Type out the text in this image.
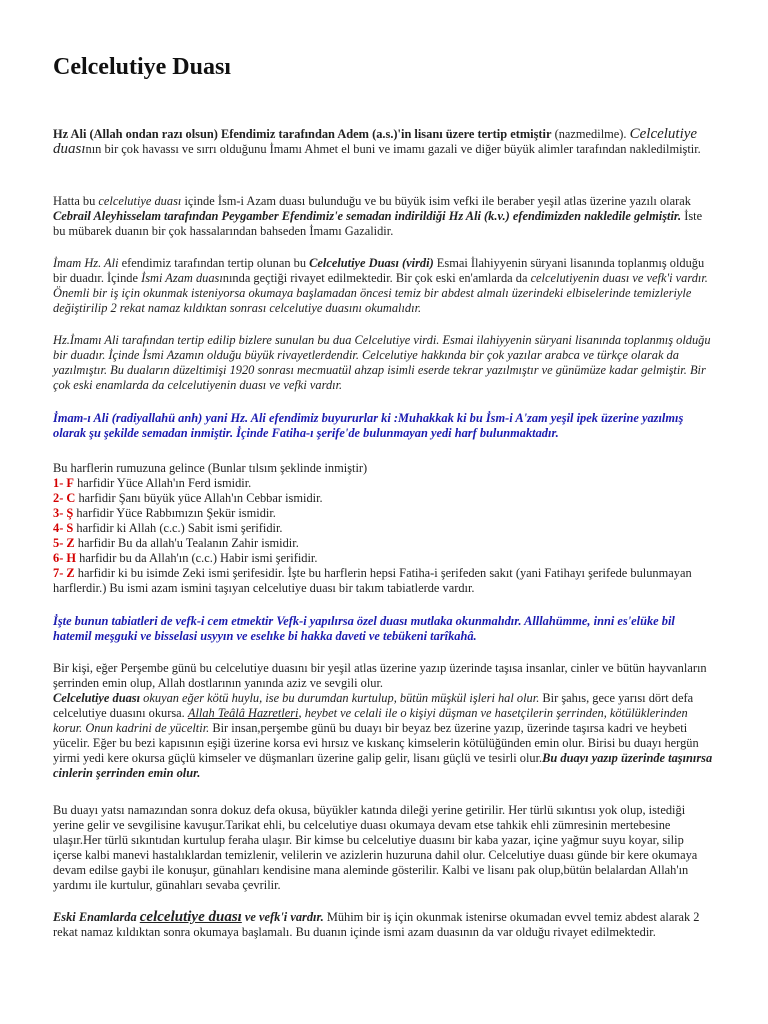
Celcelutiye Duası

Hz Ali (Allah ondan razı olsun) Efendimiz tarafından Adem (a.s.)'in lisanı üzere tertip etmiştir (nazmedilme). Celcelutiye duasının bir çok havassı ve sırrı olduğunu İmamı Ahmet el buni ve imamı gazali ve diğer büyük alimler tarafından nakledilmiştir.

Hatta bu celcelutiye duası içinde İsm-i Azam duası bulunduğu ve bu büyük isim vefki ile beraber yeşil atlas üzerine yazılı olarak Cebrail Aleyhisselam tarafından Peygamber Efendimiz'e semadan indirildiği Hz Ali (k.v.) efendimizden nakledile gelmiştir. İste bu mübarek duanın bir çok hassalarından bahseden İmamı Gazalidir.

İmam Hz. Ali efendimiz tarafından tertip olunan bu Celcelutiye Duası (virdi) Esmai İlahiyyenin süryani lisanında toplanmış olduğu bir duadır. İçinde İsmi Azam duasınında geçtiği rivayet edilmektedir. Bir çok eski en'amlarda da celcelutiyenin duası ve vefk'i vardır. Önemli bir iş için okunmak isteniyorsa okumaya başlamadan öncesi temiz bir abdest almalı üzerindeki elbiselerinde temizleriyle değiştirilip 2 rekat namaz kıldıktan sonrası celcelutiye duasını okumalıdır.

Hz.İmamı Ali tarafından tertip edilip bizlere sunulan bu dua Celcelutiye virdi. Esmai ilahiyyenin süryani lisanında toplanmış olduğu bir duadır. İçinde İsmi Azamın olduğu büyük rivayetlerdendir. Celcelutiye hakkında bir çok yazılar arabca ve türkçe olarak da yazılmıştır. Bu duaların düzeltimişi 1920 sonrası mecmuatül ahzap isimli eserde tekrar yazılmıştır ve günümüze kadar gelmiştir. Bir çok eski enamlarda da celcelutiyenin duası ve vefki vardır.

İmam-ı Ali (radiyallahü anh) yani Hz. Ali efendimiz buyururlar ki :Muhakkak ki bu İsm-i A'zam yeşil ipek üzerine yazılmış olarak şu şekilde semadan inmiştir. İçinde Fatiha-ı şerife'de bulunmayan yedi harf bulunmaktadır.

Bu harflerin rumuzuna gelince (Bunlar tılsım şeklinde inmiştir)
1- F harfidir Yüce Allah'ın Ferd ismidir.
2- C harfidir Şanı büyük yüce Allah'ın Cebbar ismidir.
3- Ş harfidir Yüce Rabbımızın Şekür ismidir.
4- S harfidir ki Allah (c.c.) Sabit ismi şerifidir.
5- Z harfidir Bu da allah'u Tealanın Zahir ismidir.
6- H harfidir bu da Allah'ın (c.c.) Habir ismi şerifidir.
7- Z harfidir ki bu isimde Zeki ismi şerifesidir. İşte bu harflerin hepsi Fatiha-i şerifeden sakıt (yani Fatihayı şerifede bulunmayan harflerdir.) Bu ismi azam ismini taşıyan celcelutiye duası bir takım tabiatlerde vardır.

İşte bunun tabiatleri de vefk-i cem etmektir Vefk-i yapılırsa özel duası mutlaka okunmalıdır. Alllahümme, inni es'elüke bil hatemil meşguki ve bisselasi usyyın ve eselıke bi hakka daveti ve tebükeni tarîkahâ.

Bir kişi, eğer Perşembe günü bu celcelutiye duasını bir yeşil atlas üzerine yazıp üzerinde taşısa insanlar, cinler ve bütün hayvanların şerrinden emin olup, Allah dostlarının yanında aziz ve sevgili olur.
Celcelutiye duası okuyan eğer kötü huylu, ise bu durumdan kurtulup, bütün müşkül işleri hal olur. Bir şahıs, gece yarısı dört defa celcelutiye duasını okursa. Allah Teâlâ Hazretleri, heybet ve celali ile o kişiyi düşman ve hasetçilerin şerrinden, kötülüklerinden korur. Onun kadrini de yüceltir. Bir insan,perşembe günü bu duayı bir beyaz bez üzerine yazıp, üzerinde taşırsa kadri ve heybeti yücelir. Eğer bu bezi kapısının eşiği üzerine korsa evi hırsız ve kıskanç kimselerin kötülüğünden emin olur. Birisi bu duayı hergün yirmi yedi kere okursa güçlü kimseler ve düşmanları üzerine galip gelir, lisanı güçlü ve tesirli olur.Bu duayı yazıp üzerinde taşınırsa cinlerin şerrinden emin olur.

Bu duayı yatsı namazından sonra dokuz defa okusa, büyükler katında dileği yerine getirilir. Her türlü sıkıntısı yok olup, istediği yerine gelir ve sevgilisine kavuşur.Tarikat ehli, bu celcelutiye duası okumaya devam etse tahkik ehli zümresinin mertebesine ulaşır.Her türlü sıkıntıdan kurtulup feraha ulaşır. Bir kimse bu celcelutiye duasını bir kaba yazar, içine yağmur suyu koyar, silip içerse kalbi manevi hastalıklardan temizlenir, velilerin ve azizlerin huzuruna dahil olur. Celcelutiye duası günde bir kere okumaya devam edilse gaybi ile konuşur, günahları kendisine mana aleminde gösterilir. Kalbi ve lisanı pak olup,bütün belalardan Allah'ın yardımı ile kurtulur, günahları sevaba çevrilir.

Eski Enamlarda celcelutiye duası ve vefk'i vardır. Mühim bir iş için okunmak istenirse okumadan evvel temiz abdest alarak 2 rekat namaz kıldıktan sonra okumaya başlamalı. Bu duanın içinde ismi azam duasının da var olduğu rivayet edilmektedir.
